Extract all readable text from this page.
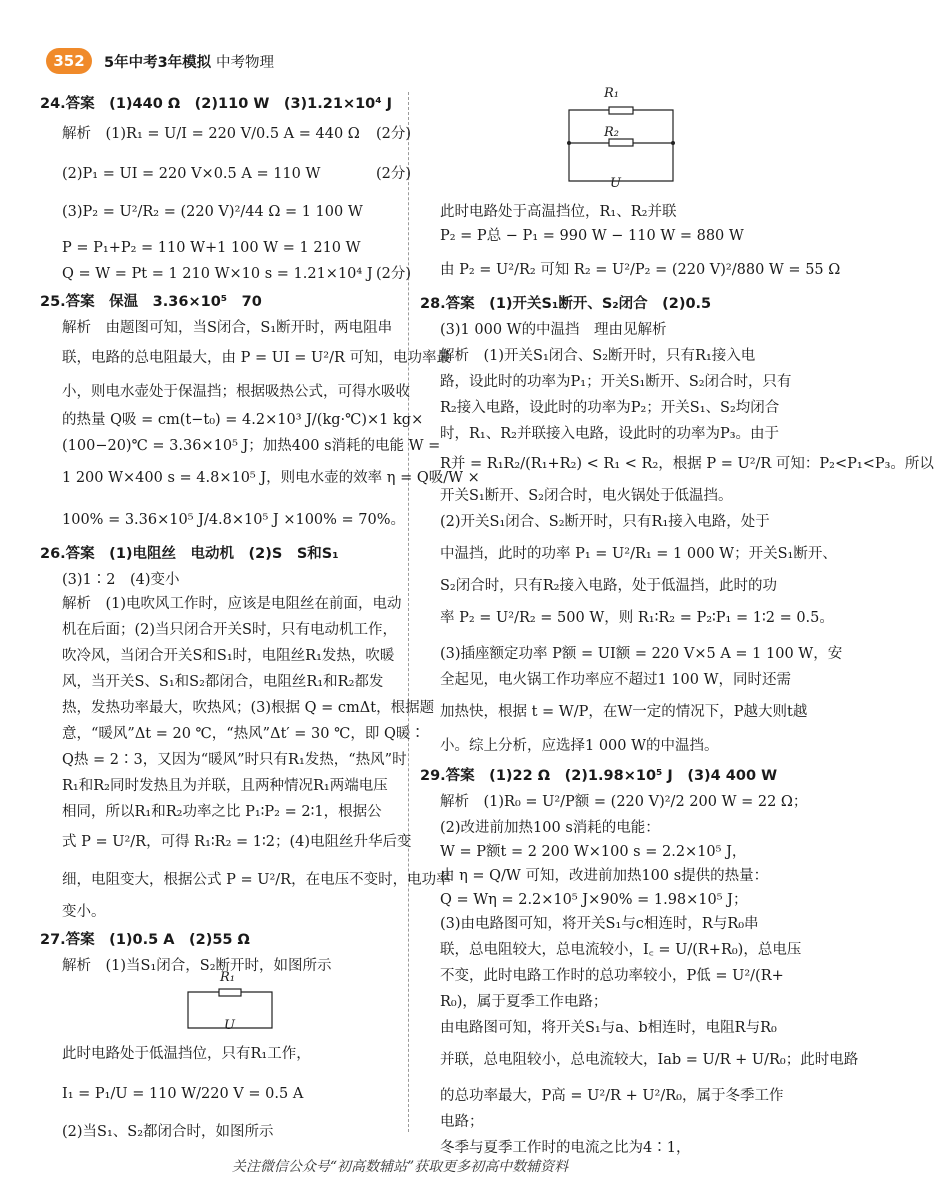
352	5年中考3年模拟 中考物理
24.答案　(1)440 Ω　(2)110 W　(3)1.21×10⁴ J
解析　(1)R₁ = U/I = 220 V/0.5 A = 440 Ω (2分)
(2)P₁ = UI = 220 V×0.5 A = 110 W	(2分)
(3)P₂ = U²/R₂ = (220 V)²/44 Ω = 1 100 W
P = P₁+P₂ = 110 W+1 100 W = 1 210 W
Q = W = Pt = 1 210 W×10 s = 1.21×10⁴ J (2分)
25.答案　保温　3.36×10⁵　70
解析　由题图可知，当S闭合，S₁断开时，两电阻串
联，电路的总电阻最大，由 P = UI = U²/R 可知，电功率最
小，则电水壶处于保温挡；根据吸热公式，可得水吸收
的热量 Q吸 = cm(t−t₀) = 4.2×10³ J/(kg·℃)×1 kg×
(100−20)℃ = 3.36×10⁵ J；加热400 s消耗的电能 W =
1 200 W×400 s = 4.8×10⁵ J，则电水壶的效率 η = Q吸/W ×
100% = 3.36×10⁵ J/4.8×10⁵ J ×100% = 70%。
26.答案　(1)电阻丝　电动机　(2)S　S和S₁
(3)1∶2　(4)变小
解析　(1)电吹风工作时，应该是电阻丝在前面，电动
机在后面；(2)当只闭合开关S时，只有电动机工作，
吹冷风，当闭合开关S和S₁时，电阻丝R₁发热，吹暖
风，当开关S、S₁和S₂都闭合，电阻丝R₁和R₂都发
热，发热功率最大，吹热风；(3)根据 Q = cmΔt，根据题
意，“暖风”Δt = 20 ℃，“热风”Δt′ = 30 ℃，即 Q暖∶
Q热 = 2∶3，又因为“暖风”时只有R₁发热，“热风”时
R₁和R₂同时发热且为并联，且两种情况R₁两端电压
相同，所以R₁和R₂功率之比 P₁∶P₂ = 2∶1，根据公
式 P = U²/R，可得 R₁∶R₂ = 1∶2；(4)电阻丝升华后变
细，电阻变大，根据公式 P = U²/R，在电压不变时，电功率
变小。
27.答案　(1)0.5 A　(2)55 Ω
解析　(1)当S₁闭合，S₂断开时，如图所示
此时电路处于低温挡位，只有R₁工作，
I₁ = P₁/U = 110 W/220 V = 0.5 A
(2)当S₁、S₂都闭合时，如图所示
此时电路处于高温挡位，R₁、R₂并联
P₂ = P总 − P₁ = 990 W − 110 W = 880 W
由 P₂ = U²/R₂ 可知 R₂ = U²/P₂ = (220 V)²/880 W = 55 Ω
28.答案　(1)开关S₁断开、S₂闭合　(2)0.5
(3)1 000 W的中温挡　理由见解析
解析　(1)开关S₁闭合、S₂断开时，只有R₁接入电
路，设此时的功率为P₁；开关S₁断开、S₂闭合时，只有
R₂接入电路，设此时的功率为P₂；开关S₁、S₂均闭合
时，R₁、R₂并联接入电路，设此时的功率为P₃。由于
R并 = R₁R₂/(R₁+R₂) < R₁ < R₂，根据 P = U²/R 可知：P₂<P₁<P₃。所以
开关S₁断开、S₂闭合时，电火锅处于低温挡。
(2)开关S₁闭合、S₂断开时，只有R₁接入电路，处于
中温挡，此时的功率 P₁ = U²/R₁ = 1 000 W；开关S₁断开、
S₂闭合时，只有R₂接入电路，处于低温挡，此时的功
率 P₂ = U²/R₂ = 500 W，则 R₁∶R₂ = P₂∶P₁ = 1∶2 = 0.5。
(3)插座额定功率 P额 = UI额 = 220 V×5 A = 1 100 W，安
全起见，电火锅工作功率应不超过1 100 W，同时还需
加热快，根据 t = W/P，在W一定的情况下，P越大则t越
小。综上分析，应选择1 000 W的中温挡。
29.答案　(1)22 Ω　(2)1.98×10⁵ J　(3)4 400 W
解析　(1)R₀ = U²/P额 = (220 V)²/2 200 W = 22 Ω；
(2)改进前加热100 s消耗的电能：
W = P额t = 2 200 W×100 s = 2.2×10⁵ J，
由 η = Q/W 可知，改进前加热100 s提供的热量：
Q = Wη = 2.2×10⁵ J×90% = 1.98×10⁵ J；
(3)由电路图可知，将开关S₁与c相连时，R与R₀串
联，总电阻较大，总电流较小，I꜀ = U/(R+R₀)，总电压
不变，此时电路工作时的总功率较小，P低 = U²/(R+
R₀)，属于夏季工作电路；
由电路图可知，将开关S₁与a、b相连时，电阻R与R₀
并联，总电阻较小，总电流较大，Iab = U/R + U/R₀；此时电路
的总功率最大，P高 = U²/R + U²/R₀，属于冬季工作
电路；
冬季与夏季工作时的电流之比为4∶1，
R₁
U
R₁
R₂
U
关注微信公众号“初高数辅站”获取更多初高中数辅资料
